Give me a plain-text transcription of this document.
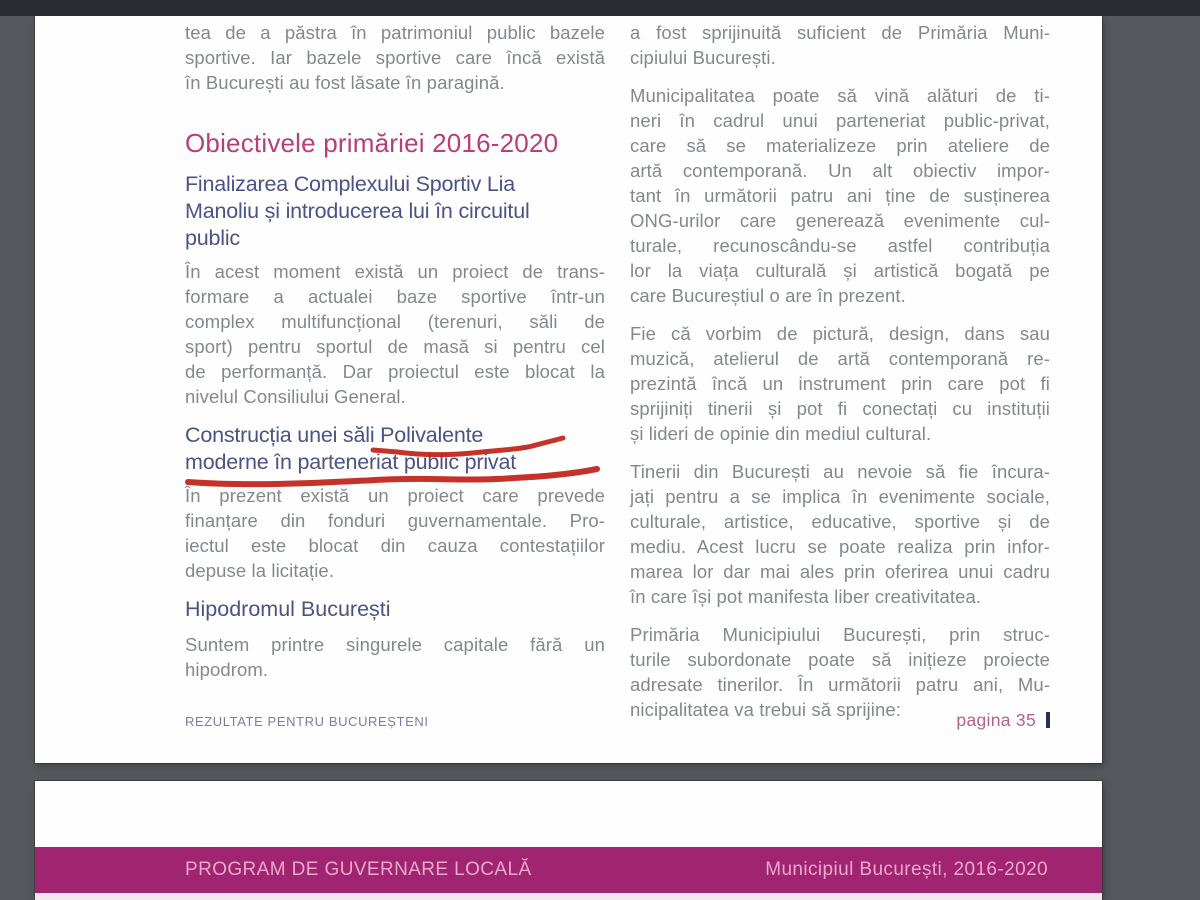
tea de a păstra în patrimoniul public bazele
sportive. Iar bazele sportive care încă există
în București au fost lăsate în paragină.
Obiectivele primăriei 2016-2020
Finalizarea Complexului Sportiv Lia
Manoliu și introducerea lui în circuitul
public
În acest moment există un proiect de trans-
formare a actualei baze sportive într-un
complex multifuncțional (terenuri, săli de
sport) pentru sportul de masă si pentru cel
de performanță. Dar proiectul este blocat la
nivelul Consiliului General.
Construcția unei săli Polivalente
moderne în parteneriat public privat
În prezent există un proiect care prevede
finanțare din fonduri guvernamentale. Pro-
iectul este blocat din cauza contestațiilor
depuse la licitație.
Hipodromul București
Suntem printre singurele capitale fără un
hipodrom.
a fost sprijinuită suficient de Primăria Muni-
cipiului București.
Municipalitatea poate să vină alături de ti-
neri în cadrul unui parteneriat public-privat,
care să se materializeze prin ateliere de
artă contemporană. Un alt obiectiv impor-
tant în următorii patru ani ține de susținerea
ONG-urilor care generează evenimente cul-
turale, recunoscându-se astfel contribuția
lor la viața culturală și artistică bogată pe
care Bucureștiul o are în prezent.
Fie că vorbim de pictură, design, dans sau
muzică, atelierul de artă contemporană re-
prezintă încă un instrument prin care pot fi
sprijiniți tinerii și pot fi conectați cu instituții
și lideri de opinie din mediul cultural.
Tinerii din București au nevoie să fie încura-
jați pentru a se implica în evenimente sociale,
culturale, artistice, educative, sportive și de
mediu. Acest lucru se poate realiza prin infor-
marea lor dar mai ales prin oferirea unui cadru
în care își pot manifesta liber creativitatea.
Primăria Municipiului București, prin struc-
turile subordonate poate să inițieze proiecte
adresate tinerilor. În următorii patru ani, Mu-
nicipalitatea va trebui să sprijine:
REZULTATE PENTRU BUCUREȘTENI	pagina 35
PROGRAM DE GUVERNARE LOCALĂ	Municipiul București, 2016-2020
